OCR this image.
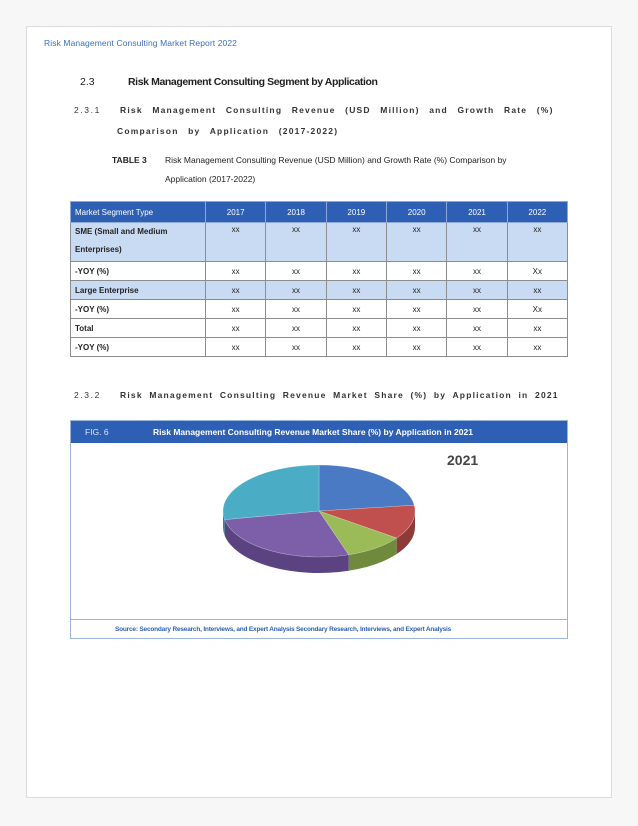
Risk Management Consulting Market Report 2022
2.3	Risk Management Consulting Segment by Application
2.3.1 Risk Management Consulting Revenue (USD Million) and Growth Rate (%)
Comparison by Application (2017-2022)
TABLE 3 Risk Management Consulting Revenue (USD Million) and Growth Rate (%) Comparison by
Application (2017-2022)
Market Segment Type	2017	2018	2019	2020	2021	2022
SME (Small and Medium
Enterprises)	xx	xx	xx	xx	xx	xx
-YOY (%)	xx	xx	xx	xx	xx	Xx
Large Enterprise	xx	xx	xx	xx	xx	xx
-YOY (%)	xx	xx	xx	xx	xx	Xx
Total	xx	xx	xx	xx	xx	xx
-YOY (%)	xx	xx	xx	xx	xx	xx
2.3.2 Risk Management Consulting Revenue Market Share (%) by Application in 2021
FIG. 6	Risk Management Consulting Revenue Market Share (%) by Application in 2021
2021
Source: Secondary Research, Interviews, and Expert Analysis Secondary Research, Interviews, and Expert Analysis
